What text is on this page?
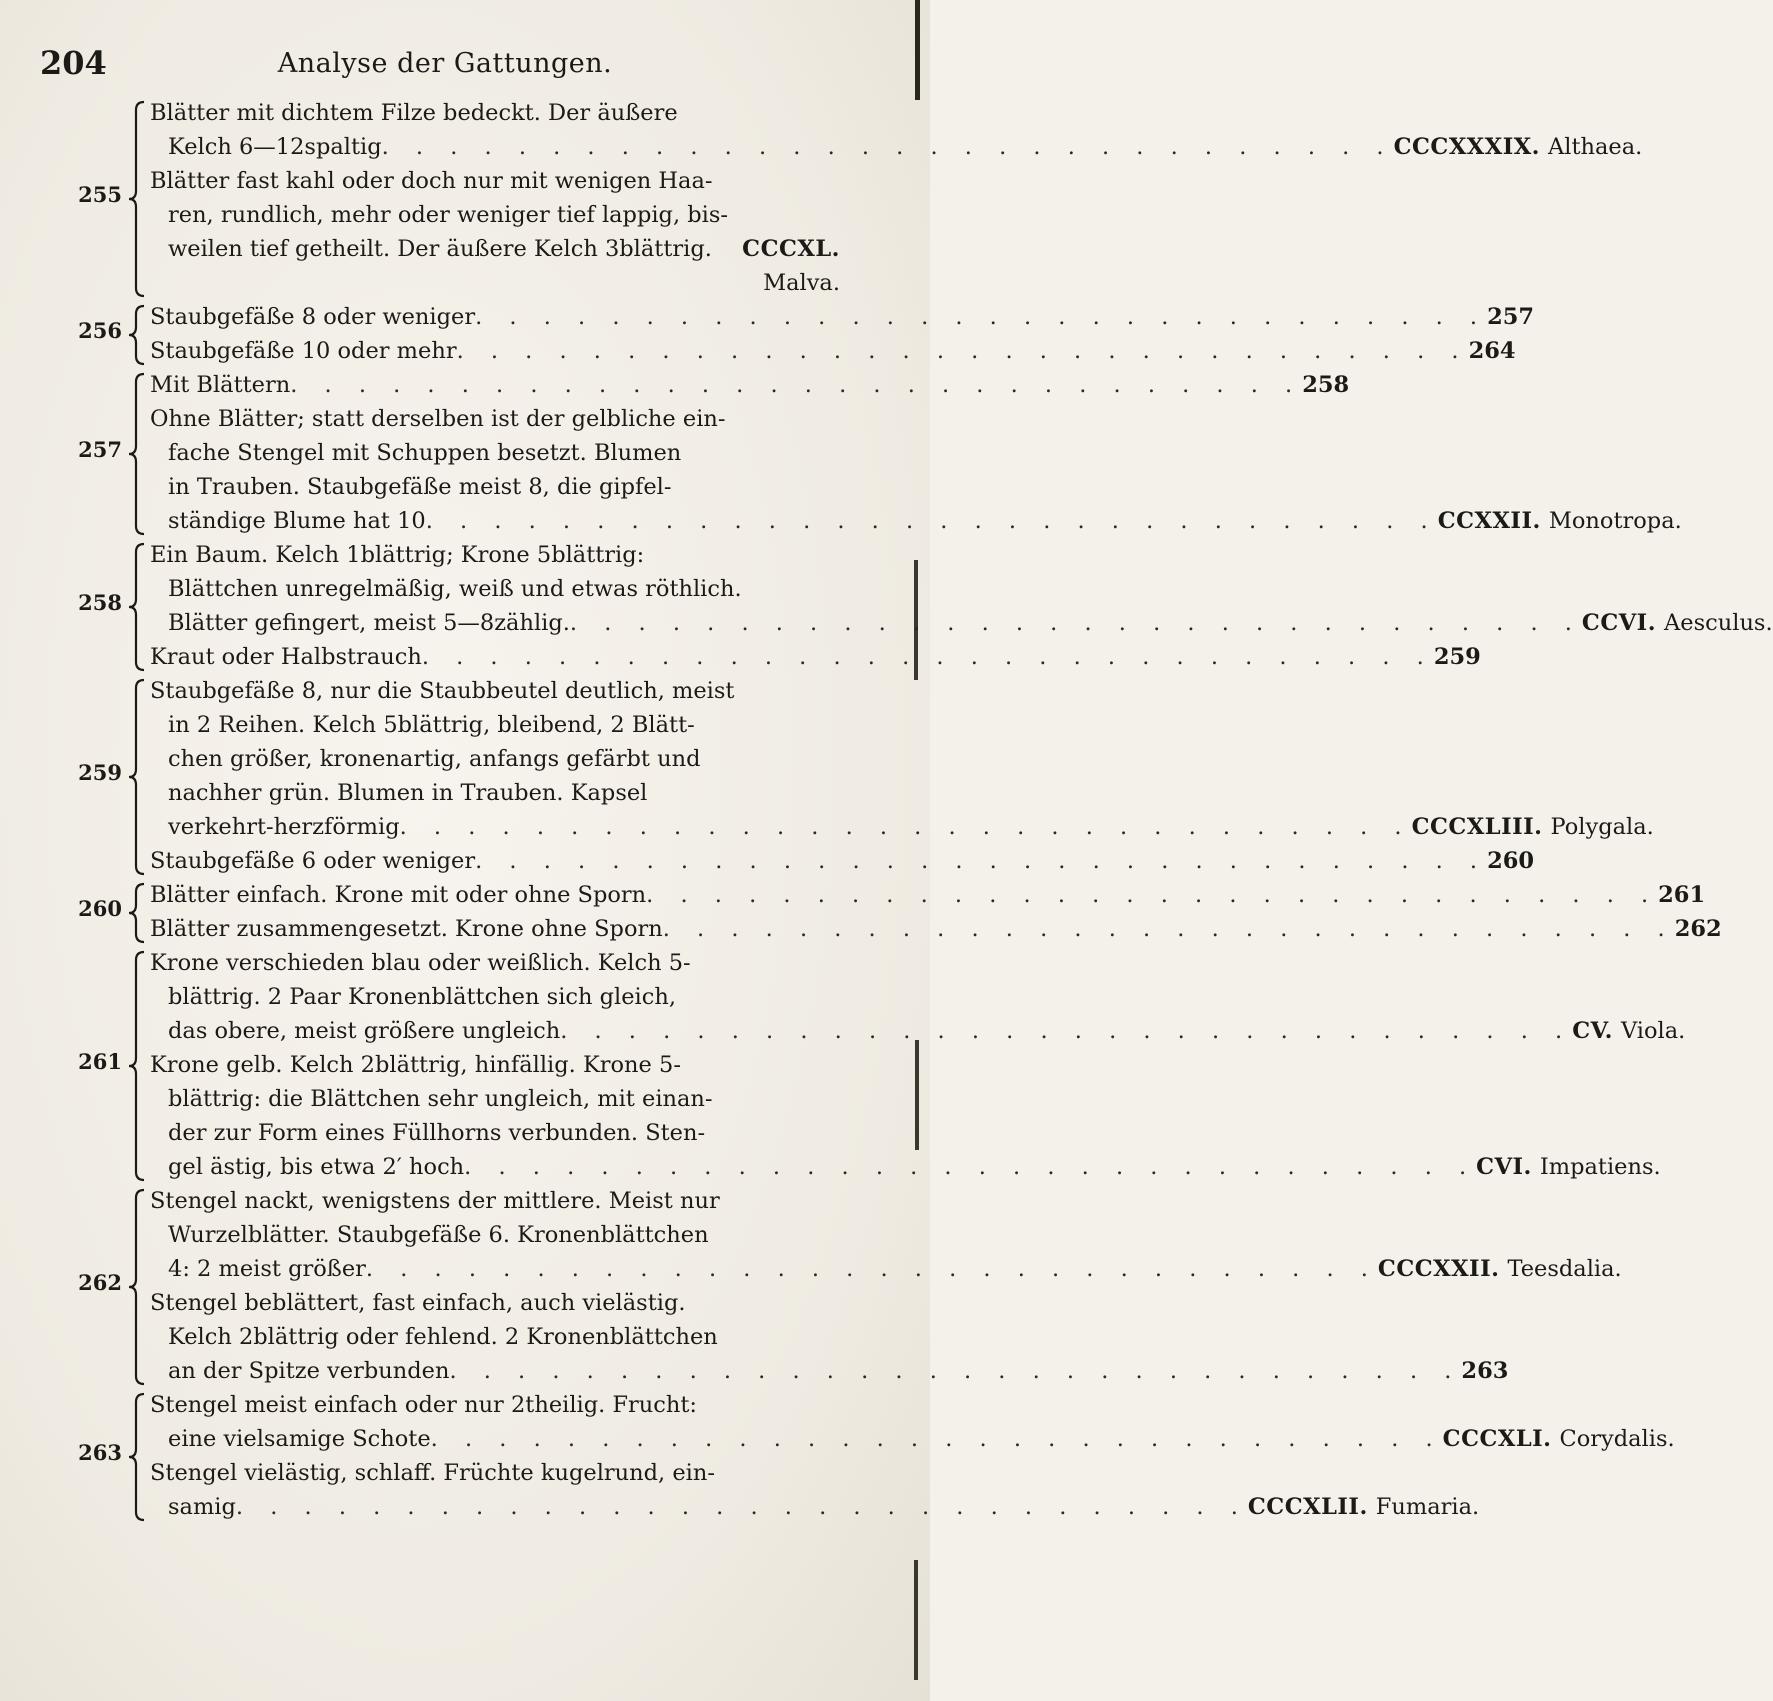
204	Analyse der Gattungen.
Blätter mit dichtem Filze bedeckt. Der äußere
Kelch 6—12spaltig . . . . . . . . . . . . . . . . . . . . . . . . . . . . . . CCCXXXIX. Althaea.
Blätter fast kahl oder doch nur mit wenigen Haa-
ren, rundlich, mehr oder weniger tief lappig, bis-
weilen tief getheilt. Der äußere Kelch 3blättrig. CCCXL.
Malva.
255
Staubgefäße 8 oder weniger . . . . . . . . . . . . . . . . . . . . . . . . . . . . . . 257
Staubgefäße 10 oder mehr . . . . . . . . . . . . . . . . . . . . . . . . . . . . . . 264
256
Mit Blättern . . . . . . . . . . . . . . . . . . . . . . . . . . . . . . 258
Ohne Blätter; statt derselben ist der gelbliche ein-
fache Stengel mit Schuppen besetzt. Blumen
in Trauben. Staubgefäße meist 8, die gipfel-
ständige Blume hat 10 . . . . . . . . . . . . . . . . . . . . . . . . . . . . . . CCXXII. Monotropa.
257
Ein Baum. Kelch 1blättrig; Krone 5blättrig:
Blättchen unregelmäßig, weiß und etwas röthlich.
Blätter gefingert, meist 5—8zählig. . . . . . . . . . . . . . . . . . . . . . . . . . . . . . . CCVI. Aesculus.
Kraut oder Halbstrauch . . . . . . . . . . . . . . . . . . . . . . . . . . . . . . 259
258
Staubgefäße 8, nur die Staubbeutel deutlich, meist
in 2 Reihen. Kelch 5blättrig, bleibend, 2 Blätt-
chen größer, kronenartig, anfangs gefärbt und
nachher grün. Blumen in Trauben. Kapsel
verkehrt-herzförmig . . . . . . . . . . . . . . . . . . . . . . . . . . . . . . CCCXLIII. Polygala.
Staubgefäße 6 oder weniger . . . . . . . . . . . . . . . . . . . . . . . . . . . . . . 260
259
Blätter einfach. Krone mit oder ohne Sporn . . . . . . . . . . . . . . . . . . . . . . . . . . . . . . 261
Blätter zusammengesetzt. Krone ohne Sporn . . . . . . . . . . . . . . . . . . . . . . . . . . . . . . 262
260
Krone verschieden blau oder weißlich. Kelch 5-
blättrig. 2 Paar Kronenblättchen sich gleich,
das obere, meist größere ungleich . . . . . . . . . . . . . . . . . . . . . . . . . . . . . . CV. Viola.
Krone gelb. Kelch 2blättrig, hinfällig. Krone 5-
blättrig: die Blättchen sehr ungleich, mit einan-
der zur Form eines Füllhorns verbunden. Sten-
gel ästig, bis etwa 2′ hoch . . . . . . . . . . . . . . . . . . . . . . . . . . . . . . CVI. Impatiens.
261
Stengel nackt, wenigstens der mittlere. Meist nur
Wurzelblätter. Staubgefäße 6. Kronenblättchen
4: 2 meist größer . . . . . . . . . . . . . . . . . . . . . . . . . . . . . . CCCXXII. Teesdalia.
Stengel beblättert, fast einfach, auch vielästig.
Kelch 2blättrig oder fehlend. 2 Kronenblättchen
an der Spitze verbunden . . . . . . . . . . . . . . . . . . . . . . . . . . . . . . 263
262
Stengel meist einfach oder nur 2theilig. Frucht:
eine vielsamige Schote . . . . . . . . . . . . . . . . . . . . . . . . . . . . . . CCCXLI. Corydalis.
Stengel vielästig, schlaff. Früchte kugelrund, ein-
samig . . . . . . . . . . . . . . . . . . . . . . . . . . . . . . CCCXLII. Fumaria.
263
